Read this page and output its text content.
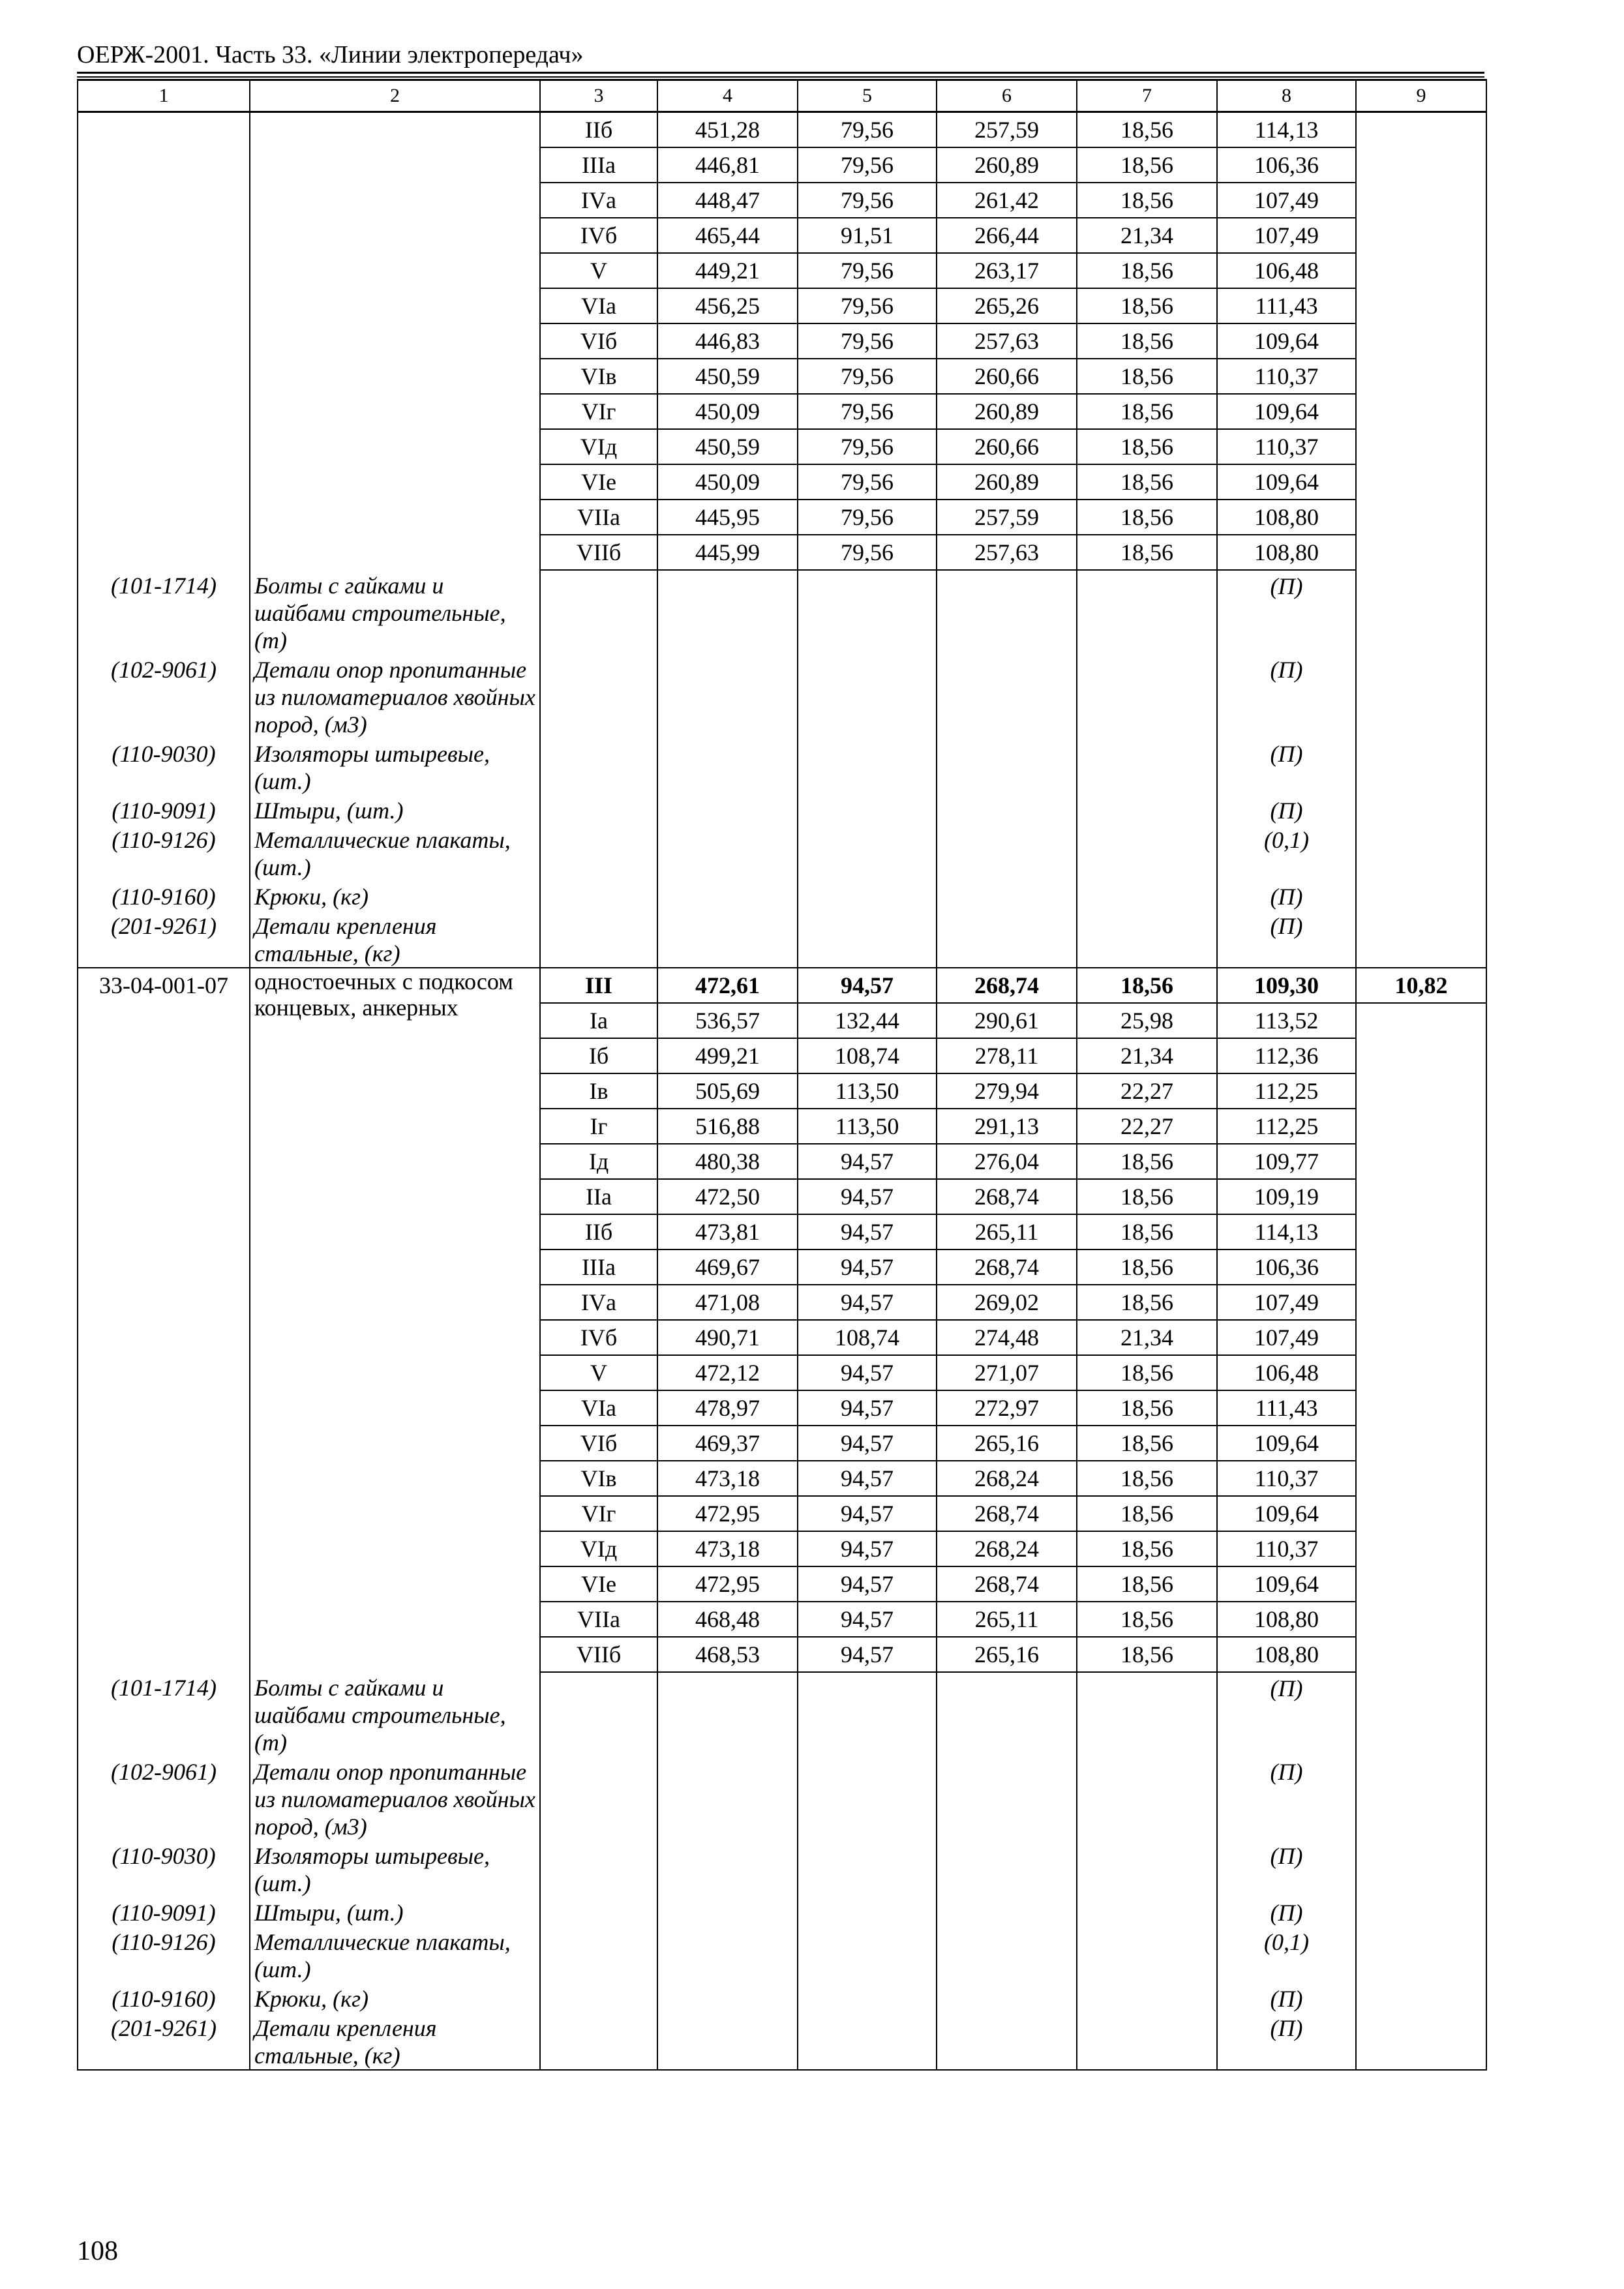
ОЕРЖ-2001. Часть 33. «Линии электропередач»
1	2	3	4	5	6	7	8	9
		IIб	451,28	79,56	257,59	18,56	114,13	
		IIIа	446,81	79,56	260,89	18,56	106,36	
		IVа	448,47	79,56	261,42	18,56	107,49	
		IVб	465,44	91,51	266,44	21,34	107,49	
		V	449,21	79,56	263,17	18,56	106,48	
		VIа	456,25	79,56	265,26	18,56	111,43	
		VIб	446,83	79,56	257,63	18,56	109,64	
		VIв	450,59	79,56	260,66	18,56	110,37	
		VIг	450,09	79,56	260,89	18,56	109,64	
		VIд	450,59	79,56	260,66	18,56	110,37	
		VIе	450,09	79,56	260,89	18,56	109,64	
		VIIа	445,95	79,56	257,59	18,56	108,80	
		VIIб	445,99	79,56	257,63	18,56	108,80	

(101-1714)	Болты с гайками и шайбами строительные, (т)						(П)	

(102-9061)	Детали опор пропитанные из пиломатериалов хвойных пород, (м3)						(П)	

(110-9030)	Изоляторы штыревые, (шт.)						(П)	

(110-9091)	Штыри, (шт.)						(П)	

(110-9126)	Металлические плакаты, (шт.)						(0,1)	

(110-9160)	Крюки, (кг)						(П)	

(201-9261)	Детали крепления стальные, (кг)						(П)	

33-04-001-07	одностоечных с подкосом концевых, анкерных	III	472,61	94,57	268,74	18,56	109,30	10,82
		Iа	536,57	132,44	290,61	25,98	113,52	
		Iб	499,21	108,74	278,11	21,34	112,36	
		Iв	505,69	113,50	279,94	22,27	112,25	
		Iг	516,88	113,50	291,13	22,27	112,25	
		Iд	480,38	94,57	276,04	18,56	109,77	
		IIа	472,50	94,57	268,74	18,56	109,19	
		IIб	473,81	94,57	265,11	18,56	114,13	
		IIIа	469,67	94,57	268,74	18,56	106,36	
		IVа	471,08	94,57	269,02	18,56	107,49	
		IVб	490,71	108,74	274,48	21,34	107,49	
		V	472,12	94,57	271,07	18,56	106,48	
		VIа	478,97	94,57	272,97	18,56	111,43	
		VIб	469,37	94,57	265,16	18,56	109,64	
		VIв	473,18	94,57	268,24	18,56	110,37	
		VIг	472,95	94,57	268,74	18,56	109,64	
		VIд	473,18	94,57	268,24	18,56	110,37	
		VIе	472,95	94,57	268,74	18,56	109,64	
		VIIа	468,48	94,57	265,11	18,56	108,80	
		VIIб	468,53	94,57	265,16	18,56	108,80	

(101-1714)	Болты с гайками и шайбами строительные, (т)						(П)	

(102-9061)	Детали опор пропитанные из пиломатериалов хвойных пород, (м3)						(П)	

(110-9030)	Изоляторы штыревые, (шт.)						(П)	

(110-9091)	Штыри, (шт.)						(П)	

(110-9126)	Металлические плакаты, (шт.)						(0,1)	

(110-9160)	Крюки, (кг)						(П)	

(201-9261)	Детали крепления стальные, (кг)						(П)	

108
